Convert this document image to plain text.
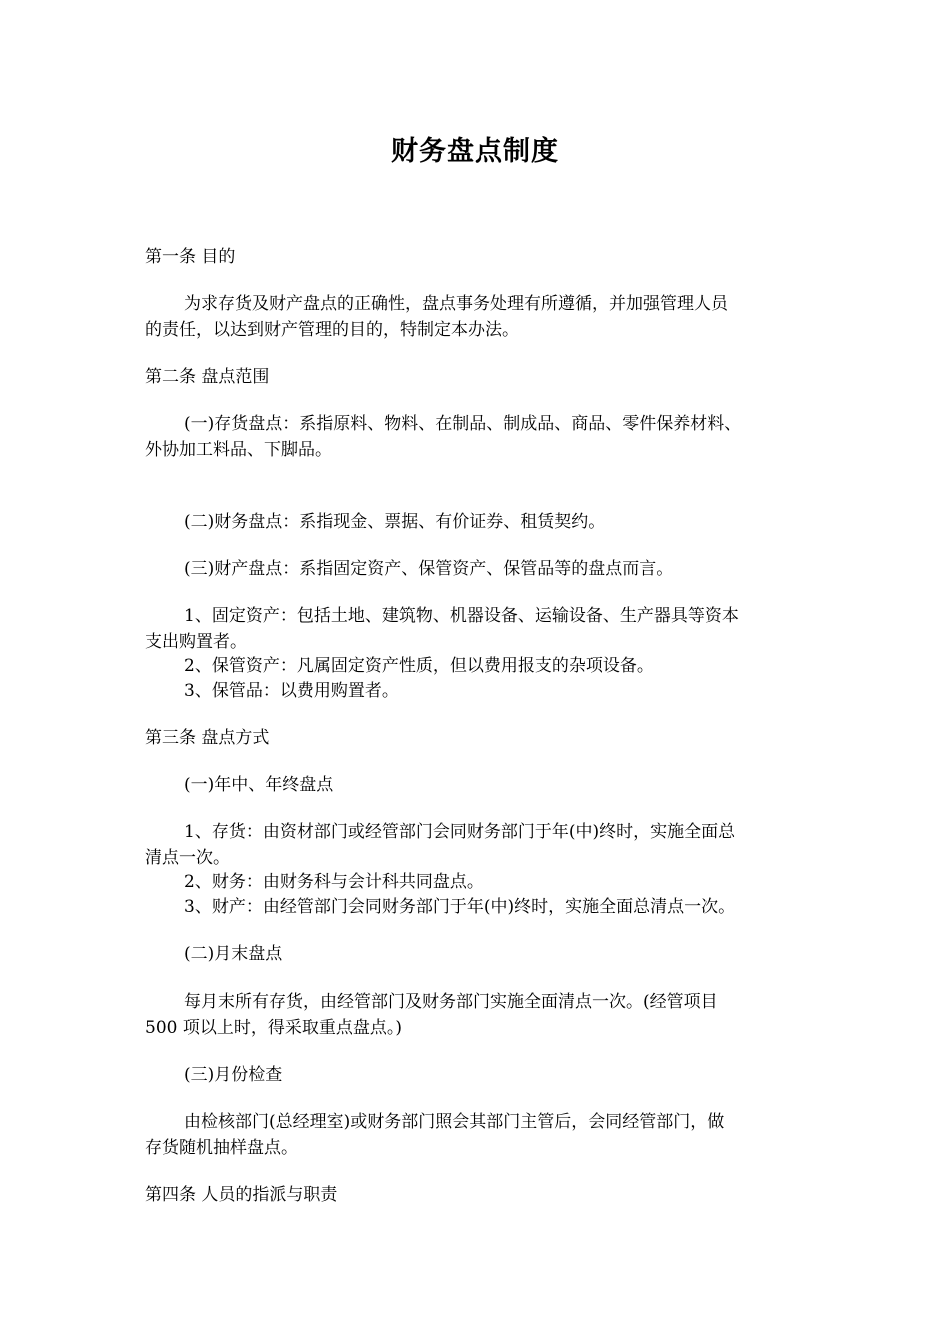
财务盘点制度

第一条 目的

为求存货及财产盘点的正确性，盘点事务处理有所遵循，并加强管理人员

的责任，以达到财产管理的目的，特制定本办法。

第二条 盘点范围

(一)存货盘点：系指原料、物料、在制品、制成品、商品、零件保养材料、

外协加工料品、下脚品。

(二)财务盘点：系指现金、票据、有价证券、租赁契约。

(三)财产盘点：系指固定资产、保管资产、保管品等的盘点而言。

1、固定资产：包括土地、建筑物、机器设备、运输设备、生产器具等资本

支出购置者。

2、保管资产：凡属固定资产性质，但以费用报支的杂项设备。

3、保管品：以费用购置者。

第三条 盘点方式

(一)年中、年终盘点

1、存货：由资材部门或经管部门会同财务部门于年(中)终时，实施全面总

清点一次。

2、财务：由财务科与会计科共同盘点。

3、财产：由经管部门会同财务部门于年(中)终时，实施全面总清点一次。

(二)月末盘点

每月末所有存货，由经管部门及财务部门实施全面清点一次。(经管项目

500 项以上时，得采取重点盘点。)

(三)月份检查

由检核部门(总经理室)或财务部门照会其部门主管后，会同经管部门，做

存货随机抽样盘点。

第四条 人员的指派与职责
